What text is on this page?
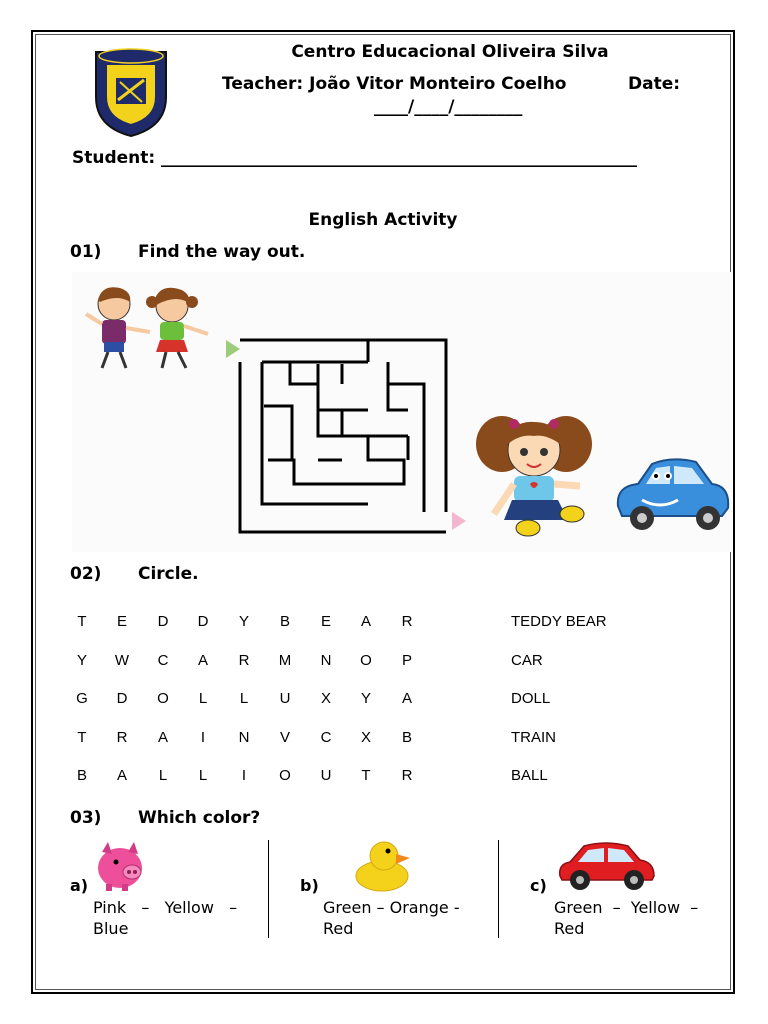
Centro Educacional Oliveira Silva
Teacher: João Vitor Monteiro Coelho	Date:
____/____/________
Student: ________________________________________________________
English Activity
01) Find the way out.
02) Circle.
T	E	D	D	Y	B	E	A	R
Y	W	C	A	R	M	N	O	P
G	D	O	L	L	U	X	Y	A
T	R	A	I	N	V	C	X	B
B	A	L	L	I	O	U	T	R
TEDDY BEAR
CAR
DOLL
TRAIN
BALL
03) Which color?
a)
Pink   –   Yellow   –
Blue
b)
Green – Orange -
Red
c)
Green  –  Yellow  –
Red
